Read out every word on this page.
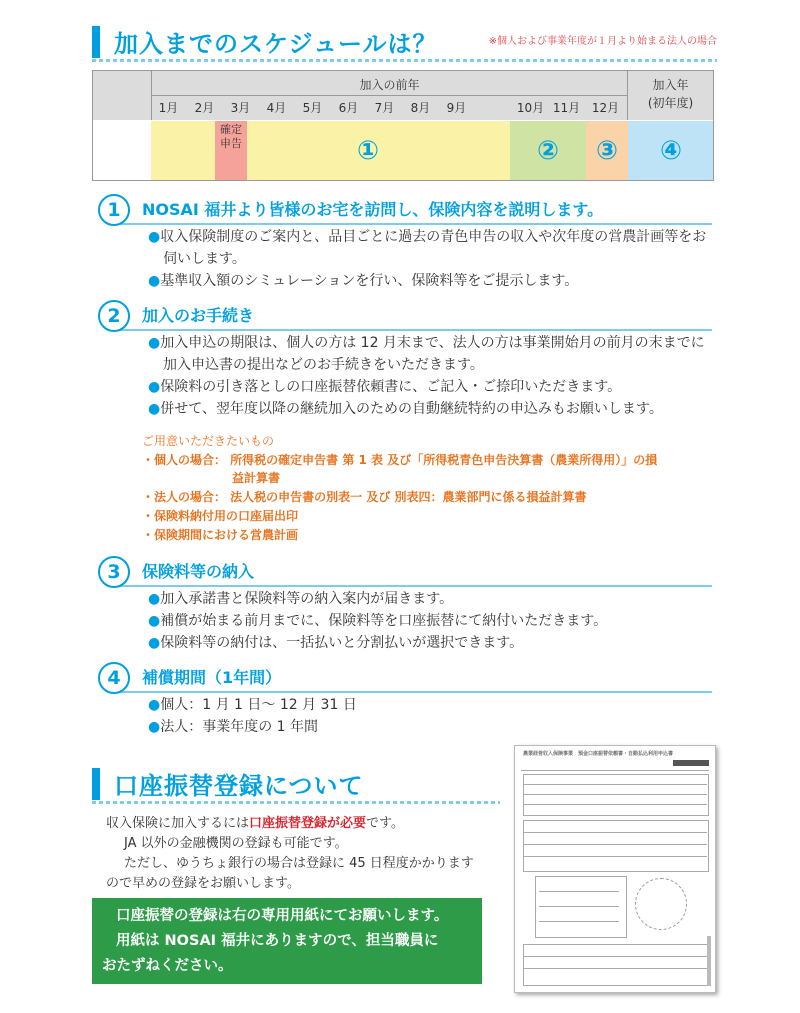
加入までのスケジュールは？	※個人および事業年度が１月より始まる法人の場合
加入の前年	加入年
(初年度)
1月	2月	3月	4月	5月	6月	7月	8月	9月	10月 11月 12月
確定申告	①	②	③	④
1	NOSAI 福井より皆様のお宅を訪問し、保険内容を説明します。
●収入保険制度のご案内と、品目ごとに過去の青色申告の収入や次年度の営農計画等をお
伺いします。
●基準収入額のシミュレーションを行い、保険料等をご提示します。
2	加入のお手続き
●加入申込の期限は、個人の方は 12 月末まで、法人の方は事業開始月の前月の末までに
加入申込書の提出などのお手続きをいただきます。
●保険料の引き落としの口座振替依頼書に、ご記入・ご捺印いただきます。
●併せて、翌年度以降の継続加入のための自動継続特約の申込みもお願いします。
ご用意いただきたいもの
・個人の場合： 所得税の確定申告書 第 1 表 及び「所得税青色申告決算書（農業所得用）」の損
益計算書
・法人の場合： 法人税の申告書の別表一 及び 別表四：農業部門に係る損益計算書
・保険料納付用の口座届出印
・保険期間における営農計画
3	保険料等の納入
●加入承諾書と保険料等の納入案内が届きます。
●補償が始まる前月までに、保険料等を口座振替にて納付いただきます。
●保険料等の納付は、一括払いと分割払いが選択できます。
4	補償期間（1年間）
●個人：1 月 1 日～ 12 月 31 日
●法人：事業年度の 1 年間
口座振替登録について
収入保険に加入するには口座振替登録が必要です。
JA 以外の金融機関の登録も可能です。
ただし、ゆうちょ銀行の場合は登録に 45 日程度かかります
ので早めの登録をお願いします。
口座振替の登録は右の専用用紙にてお願いします。
用紙は NOSAI 福井にありますので、担当職員に
おたずねください。
農業経営収入保険事業　預金口座振替依頼書・自動払込利用申込書
